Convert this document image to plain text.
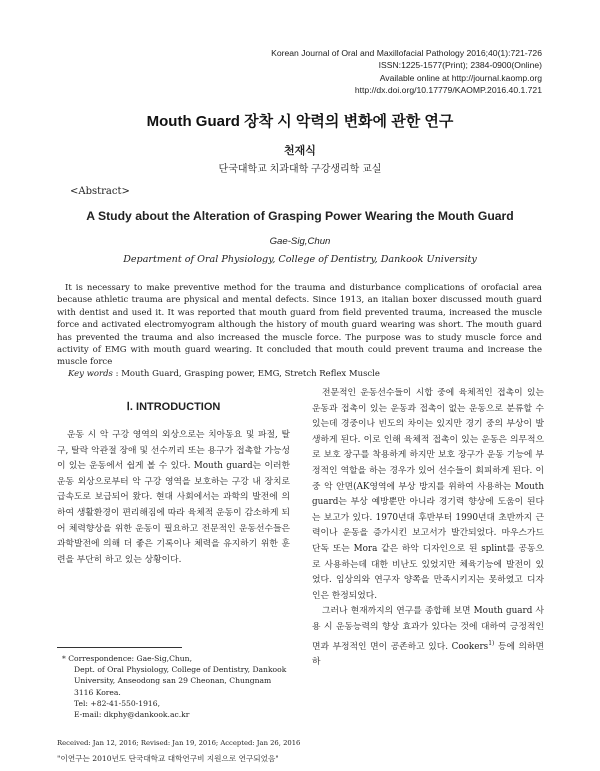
Korean Journal of Oral and Maxillofacial Pathology 2016;40(1):721-726
ISSN:1225-1577(Print); 2384-0900(Online)
Available online at http://journal.kaomp.org
http://dx.doi.org/10.17779/KAOMP.2016.40.1.721
Mouth Guard 장착 시 악력의 변화에 관한 연구
천재식
단국대학교 치과대학 구강생리학 교실
<Abstract>
A Study about the Alteration of Grasping Power Wearing the Mouth Guard
Gae-Sig,Chun
Department of Oral Physiology, College of Dentistry, Dankook University
It is necessary to make preventive method for the trauma and disturbance complications of orofacial area because athletic trauma are physical and mental defects. Since 1913, an italian boxer discussed mouth guard with dentist and used it. It was reported that mouth guard from field prevented trauma, increased the muscle force and activated electromyogram although the history of mouth guard wearing was short. The mouth guard has prevented the trauma and also increased the muscle force. The purpose was to study muscle force and activity of EMG with mouth guard wearing. It concluded that mouth could prevent trauma and increase the muscle force
Key words : Mouth Guard, Grasping power, EMG, Stretch Reflex Muscle
Ⅰ. INTRODUCTION

운동 시 악 구강 영역의 외상으로는 치아동요 및 파절, 탈구, 탈락 악관절 장애 및 선수끼리 또는 용구가 접촉할 가능성이 있는 운동에서 쉽게 볼 수 있다. Mouth guard는 이러한 운동 외상으로부터 악 구강 영역을 보호하는 구강 내 장치로 급속도로 보급되어 왔다. 현대 사회에서는 과학의 발전에 의하여 생활환경이 편리해짐에 따라 육체적 운동이 감소하게 되어 체력향상을 위한 운동이 필요하고 전문적인 운동선수들은 과학발전에 의해 더 좋은 기록이나 체력을 유지하기 위한 훈련을 부단히 하고 있는 상황이다.

전문적인 운동선수들이 시합 중에 육체적인 접촉이 있는 운동과 접촉이 있는 운동과 접촉이 없는 운동으로 분류할 수 있는데 경중이나 빈도의 차이는 있지만 경기 중의 부상이 발생하게 된다. 이로 인해 육체적 접촉이 있는 운동은 의무적으로 보호 장구를 착용하게 하지만 보호 장구가 운동 기능에 부정적인 역할을 하는 경우가 있어 선수들이 회피하게 된다. 이중 악 안면(AK영역에 부상 방지를 위하여 사용하는 Mouth guard는 부상 예방뿐만 아니라 경기력 향상에 도움이 된다는 보고가 있다. 1970년대 후반부터 1990년대 초반까지 근력이나 운동을 증가시킨 보고서가 발간되었다. 마우스가드 단독 또는 Mora 같은 하악 디자인으로 된 splint를 공동으로 사용하는데 대한 비난도 있었지만 체육기능에 발전이 있었다. 임상의와 연구자 양쪽을 만족시키지는 못하였고 디자인은 한정되었다.

그러나 현재까지의 연구를 종합해 보면 Mouth guard 사용 시 운동능력의 향상 효과가 있다는 것에 대하여 긍정적인면과 부정적인 면이 공존하고 있다. Cookers$^{1)}$ 등에 의하면 하

* Correspondence: Gae-Sig,Chun,
Dept. of Oral Physiology, College of Dentistry, Dankook University, Anseodong san 29 Cheonan, Chungnam 3116 Korea.
Tel: +82-41-550-1916,
E-mail: dkphy@dankook.ac.kr
Received: Jan 12, 2016; Revised: Jan 19, 2016; Accepted: Jan 26, 2016
"이연구는 2010년도 단국대학교 대학연구비 지원으로 연구되었음"
